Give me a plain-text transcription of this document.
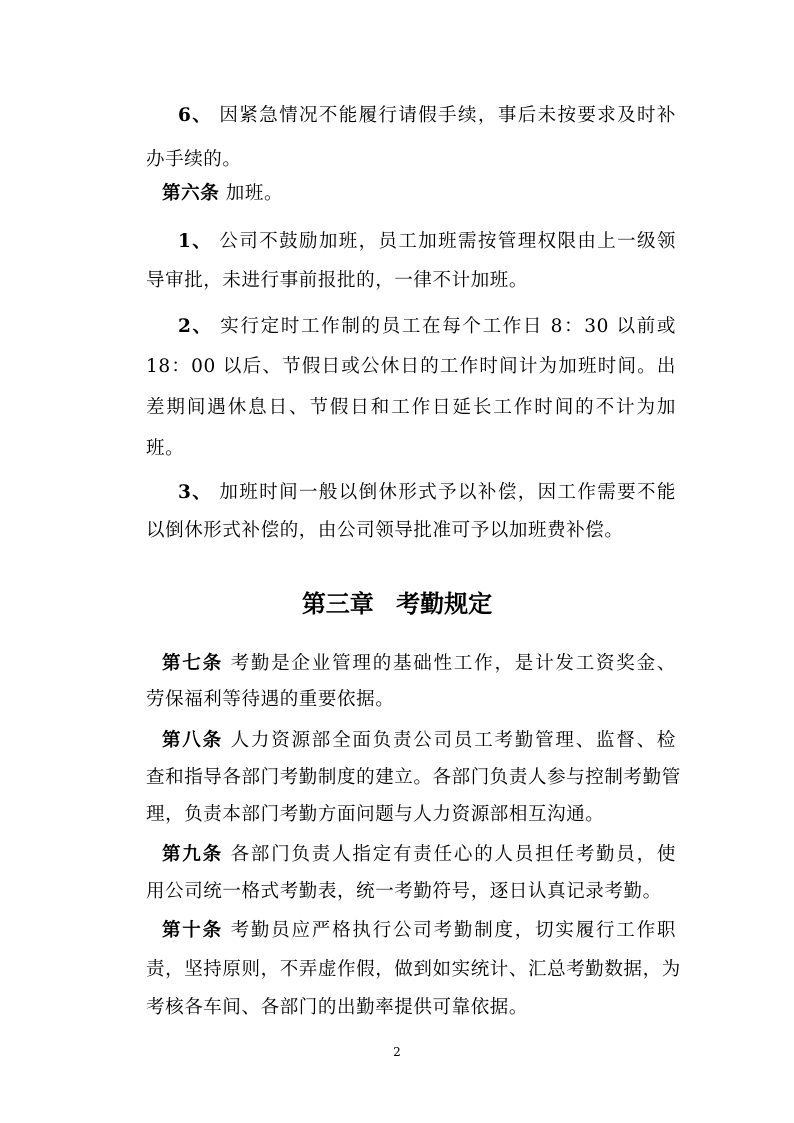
6、 因紧急情况不能履行请假手续，事后未按要求及时补
办手续的。
第六条 加班。
1、 公司不鼓励加班，员工加班需按管理权限由上一级领
导审批，未进行事前报批的，一律不计加班。
2、 实行定时工作制的员工在每个工作日 8：30 以前或
18：00 以后、节假日或公休日的工作时间计为加班时间。出
差期间遇休息日、节假日和工作日延长工作时间的不计为加
班。
3、 加班时间一般以倒休形式予以补偿，因工作需要不能
以倒休形式补偿的，由公司领导批准可予以加班费补偿。
第三章 考勤规定
第七条 考勤是企业管理的基础性工作，是计发工资奖金、
劳保福利等待遇的重要依据。
第八条 人力资源部全面负责公司员工考勤管理、监督、检
查和指导各部门考勤制度的建立。各部门负责人参与控制考勤管
理，负责本部门考勤方面问题与人力资源部相互沟通。
第九条 各部门负责人指定有责任心的人员担任考勤员，使
用公司统一格式考勤表，统一考勤符号，逐日认真记录考勤。
第十条 考勤员应严格执行公司考勤制度，切实履行工作职
责，坚持原则，不弄虚作假，做到如实统计、汇总考勤数据，为
考核各车间、各部门的出勤率提供可靠依据。
2
